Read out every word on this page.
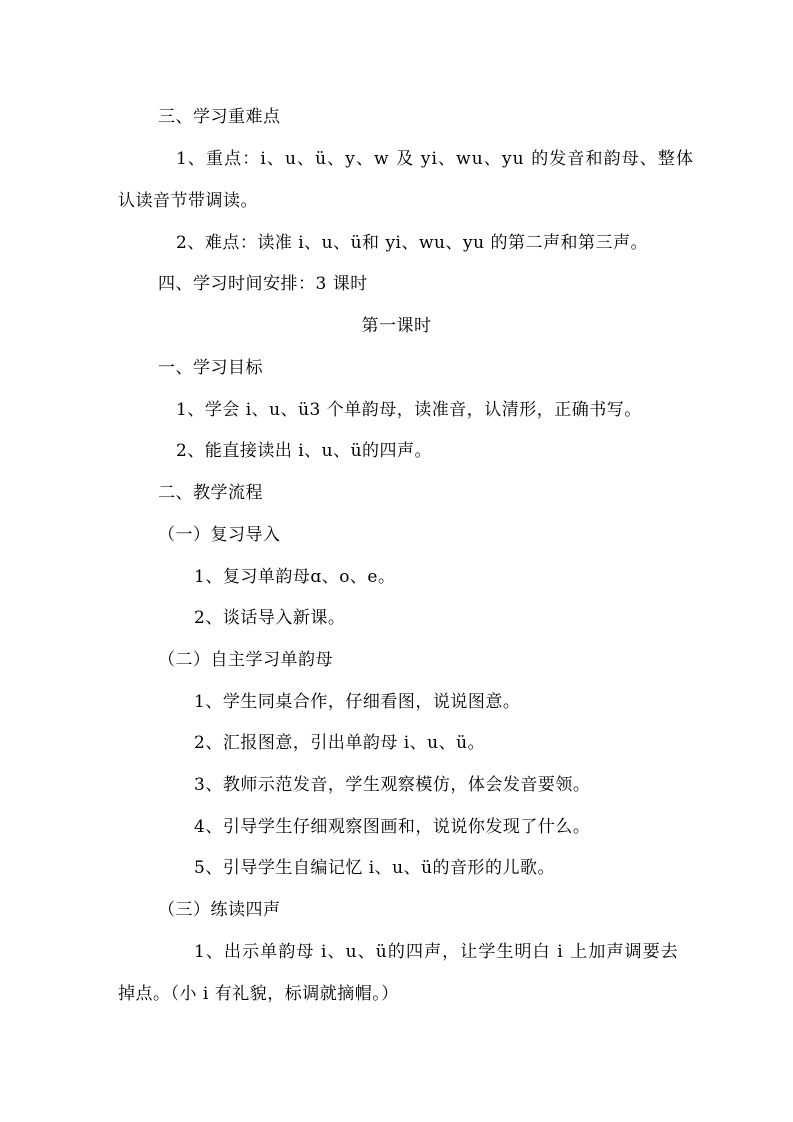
三、学习重难点
1、重点：i、u、ü、y、w 及 yi、wu、yu 的发音和韵母、整体
认读音节带调读。
2、难点：读准 i、u、ü和 yi、wu、yu 的第二声和第三声。
四、学习时间安排：3 课时
第一课时
一、学习目标
1、学会 i、u、ü3 个单韵母，读准音，认清形，正确书写。
2、能直接读出 i、u、ü的四声。
二、教学流程
（一）复习导入
1、复习单韵母ɑ、o、e。
2、谈话导入新课。
（二）自主学习单韵母
1、学生同桌合作，仔细看图，说说图意。
2、汇报图意，引出单韵母 i、u、ü。
3、教师示范发音，学生观察模仿，体会发音要领。
4、引导学生仔细观察图画和，说说你发现了什么。
5、引导学生自编记忆 i、u、ü的音形的儿歌。
（三）练读四声
1、出示单韵母 i、u、ü的四声，让学生明白 i 上加声调要去
掉点。（小 i 有礼貌，标调就摘帽。）
